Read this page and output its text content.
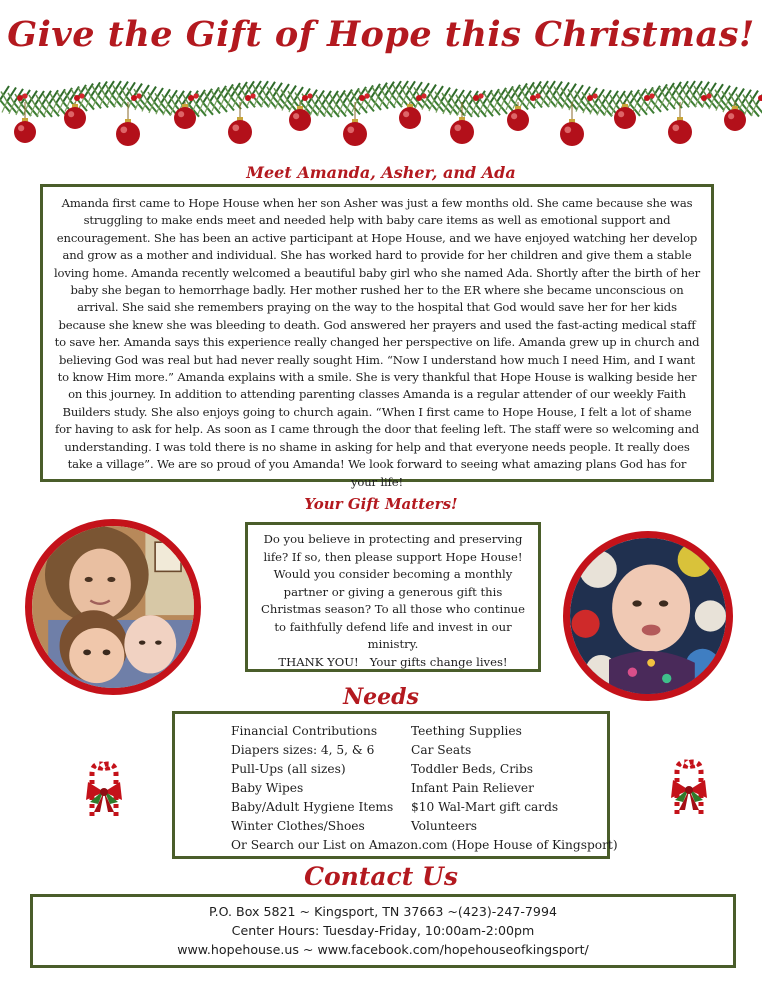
Give the Gift of Hope this Christmas!
Meet Amanda, Asher, and Ada
Amanda first came to Hope House when her son Asher was just a few months old. She came because she was struggling to make ends meet and needed help with baby care items as well as emotional support and encouragement. She has been an active participant at Hope House, and we have enjoyed watching her develop and grow as a mother and individual. She has worked hard to provide for her children and give them a stable loving home. Amanda recently welcomed a beautiful baby girl who she named Ada. Shortly after the birth of her baby she began to hemorrhage badly. Her mother rushed her to the ER where she became unconscious on arrival. She said she remembers praying on the way to the hospital that God would save her for her kids because she knew she was bleeding to death. God answered her prayers and used the fast-acting medical staff to save her. Amanda says this experience really changed her perspective on life. Amanda grew up in church and believing God was real but had never really sought Him. “Now I understand how much I need Him, and I want to know Him more.” Amanda explains with a smile. She is very thankful that Hope House is walking beside her on this journey. In addition to attending parenting classes Amanda is a regular attender of our weekly Faith Builders study. She also enjoys going to church again. “When I first came to Hope House, I felt a lot of shame for having to ask for help. As soon as I came through the door that feeling left. The staff were so welcoming and understanding. I was told there is no shame in asking for help and that everyone needs people. It really does take a village”. We are so proud of you Amanda! We look forward to seeing what amazing plans God has for your life!
Your Gift Matters!
Do you believe in protecting and preserving life? If so, then please support Hope House! Would you consider becoming a monthly partner or giving a generous gift this Christmas season? To all those who continue to faithfully defend life and invest in our ministry.
THANK YOU!   Your gifts change lives!
Needs
Financial Contributions
Diapers sizes: 4, 5, & 6
Pull-Ups (all sizes)
Baby Wipes
Baby/Adult Hygiene Items
Winter Clothes/Shoes
Teething Supplies
Car Seats
Toddler Beds, Cribs
Infant Pain Reliever
$10 Wal-Mart gift cards
Volunteers
Or Search our List on Amazon.com (Hope House of Kingsport)
Contact Us
P.O. Box 5821 ~ Kingsport, TN 37663 ~(423)-247-7994
Center Hours: Tuesday-Friday, 10:00am-2:00pm
www.hopehouse.us ~ www.facebook.com/hopehouseofkingsport/
